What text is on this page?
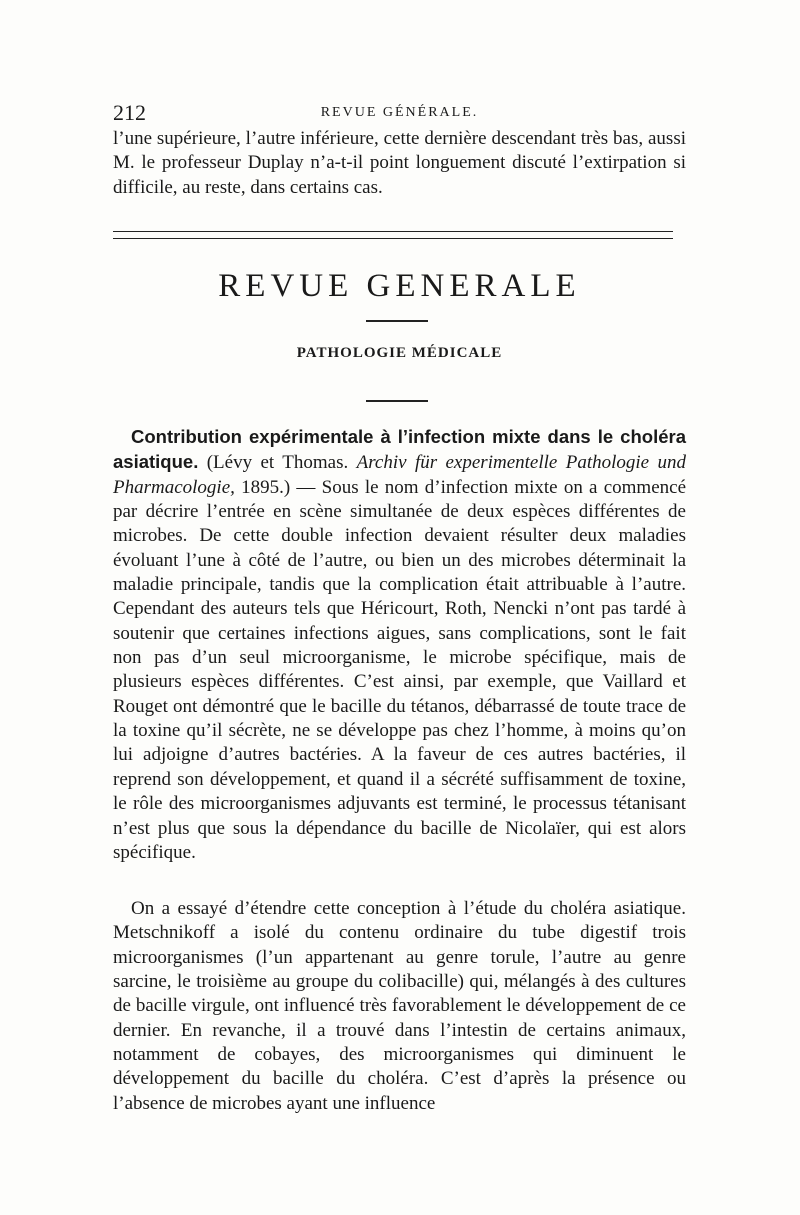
212	REVUE GÉNÉRALE.

l’une supérieure, l’autre inférieure, cette dernière descendant très bas, aussi M. le professeur Duplay n’a-t-il point longuement discuté l’extirpation si difficile, au reste, dans certains cas.

REVUE GENERALE
PATHOLOGIE MÉDICALE

Contribution expérimentale à l’infection mixte dans le choléra asiatique. (Lévy et Thomas. Archiv für experimentelle Pathologie und Pharmacologie, 1895.) — Sous le nom d’infection mixte on a commencé par décrire l’entrée en scène simultanée de deux espèces différentes de microbes. De cette double infection devaient résulter deux maladies évoluant l’une à côté de l’autre, ou bien un des microbes déterminait la maladie principale, tandis que la complication était attribuable à l’autre. Cependant des auteurs tels que Héricourt, Roth, Nencki n’ont pas tardé à soutenir que certaines infections aigues, sans complications, sont le fait non pas d’un seul microorganisme, le microbe spécifique, mais de plusieurs espèces différentes. C’est ainsi, par exemple, que Vaillard et Rouget ont démontré que le bacille du tétanos, débarrassé de toute trace de la toxine qu’il sécrète, ne se développe pas chez l’homme, à moins qu’on lui adjoigne d’autres bactéries. A la faveur de ces autres bactéries, il reprend son développement, et quand il a sécrété suffisamment de toxine, le rôle des microorganismes adjuvants est terminé, le processus tétanisant n’est plus que sous la dépendance du bacille de Nicolaïer, qui est alors spécifique.

On a essayé d’étendre cette conception à l’étude du choléra asiatique. Metschnikoff a isolé du contenu ordinaire du tube digestif trois microorganismes (l’un appartenant au genre torule, l’autre au genre sarcine, le troisième au groupe du colibacille) qui, mélangés à des cultures de bacille virgule, ont influencé très favorablement le développement de ce dernier. En revanche, il a trouvé dans l’intestin de certains animaux, notamment de cobayes, des microorganismes qui diminuent le développement du bacille du choléra. C’est d’après la présence ou l’absence de microbes ayant une influence
